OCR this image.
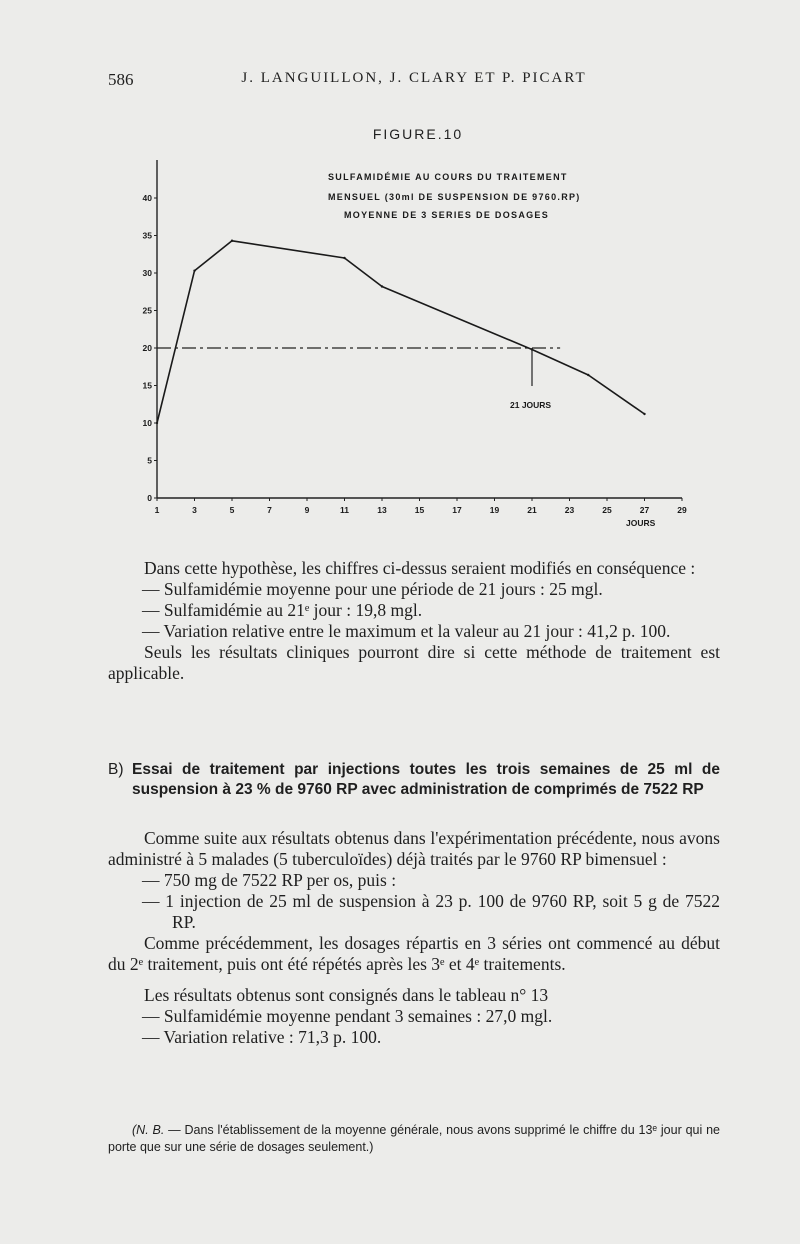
586	J. LANGUILLON, J. CLARY ET P. PICART
FIGURE.10
SULFAMIDÉMIE AU COURS DU TRAITEMENT
MENSUEL (30ml DE SUSPENSION DE 9760.RP)
MOYENNE DE 3 SERIES DE DOSAGES
21 JOURS
JOURS
0
5
10
15
20
25
30
35
40
1	3	5	7	9	11	13	15	17	19	21	23	25	27	29

Dans cette hypothèse, les chiffres ci-dessus seraient modifiés en conséquence :

— Sulfamidémie moyenne pour une période de 21 jours : 25 mgl.

— Sulfamidémie au 21ᵉ jour : 19,8 mgl.

— Variation relative entre le maximum et la valeur au 21 jour : 41,2 p. 100.

Seuls les résultats cliniques pourront dire si cette méthode de traitement est applicable.

B) Essai de traitement par injections toutes les trois semaines de 25 ml de suspension à 23 % de 9760 RP avec administration de comprimés de 7522 RP

Comme suite aux résultats obtenus dans l'expérimentation précédente, nous avons administré à 5 malades (5 tuberculoïdes) déjà traités par le 9760 RP bimensuel :

— 750 mg de 7522 RP per os, puis :

— 1 injection de 25 ml de suspension à 23 p. 100 de 9760 RP, soit 5 g de 7522 RP.

Comme précédemment, les dosages répartis en 3 séries ont commencé au début du 2ᵉ traitement, puis ont été répétés après les 3ᵉ et 4ᵉ traitements.

Les résultats obtenus sont consignés dans le tableau n° 13

— Sulfamidémie moyenne pendant 3 semaines : 27,0 mgl.

— Variation relative : 71,3 p. 100.

(N. B. — Dans l'établissement de la moyenne générale, nous avons supprimé le chiffre du 13ᵉ jour qui ne porte que sur une série de dosages seulement.)
